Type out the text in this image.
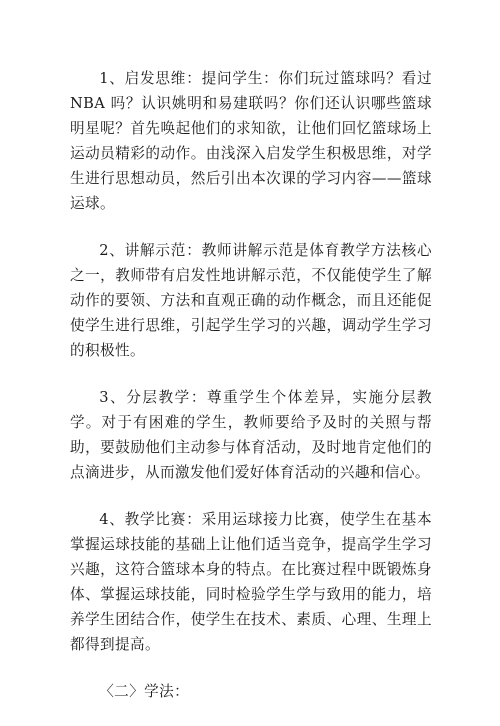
1、启发思维：提问学生：你们玩过篮球吗？看过 NBA 吗？认识姚明和易建联吗？你们还认识哪些篮球明星呢？首先唤起他们的求知欲，让他们回忆篮球场上运动员精彩的动作。由浅深入启发学生积极思维，对学生进行思想动员，然后引出本次课的学习内容——篮球运球。

2、讲解示范：教师讲解示范是体育教学方法核心之一，教师带有启发性地讲解示范，不仅能使学生了解动作的要领、方法和直观正确的动作概念，而且还能促使学生进行思维，引起学生学习的兴趣，调动学生学习的积极性。

3、分层教学：尊重学生个体差异，实施分层教学。对于有困难的学生，教师要给予及时的关照与帮助，要鼓励他们主动参与体育活动，及时地肯定他们的点滴进步，从而激发他们爱好体育活动的兴趣和信心。

4、教学比赛：采用运球接力比赛，使学生在基本掌握运球技能的基础上让他们适当竞争，提高学生学习兴趣，这符合篮球本身的特点。在比赛过程中既锻炼身体、掌握运球技能，同时检验学生学与致用的能力，培养学生团结合作，使学生在技术、素质、心理、生理上都得到提高。

〈二〉学法：
